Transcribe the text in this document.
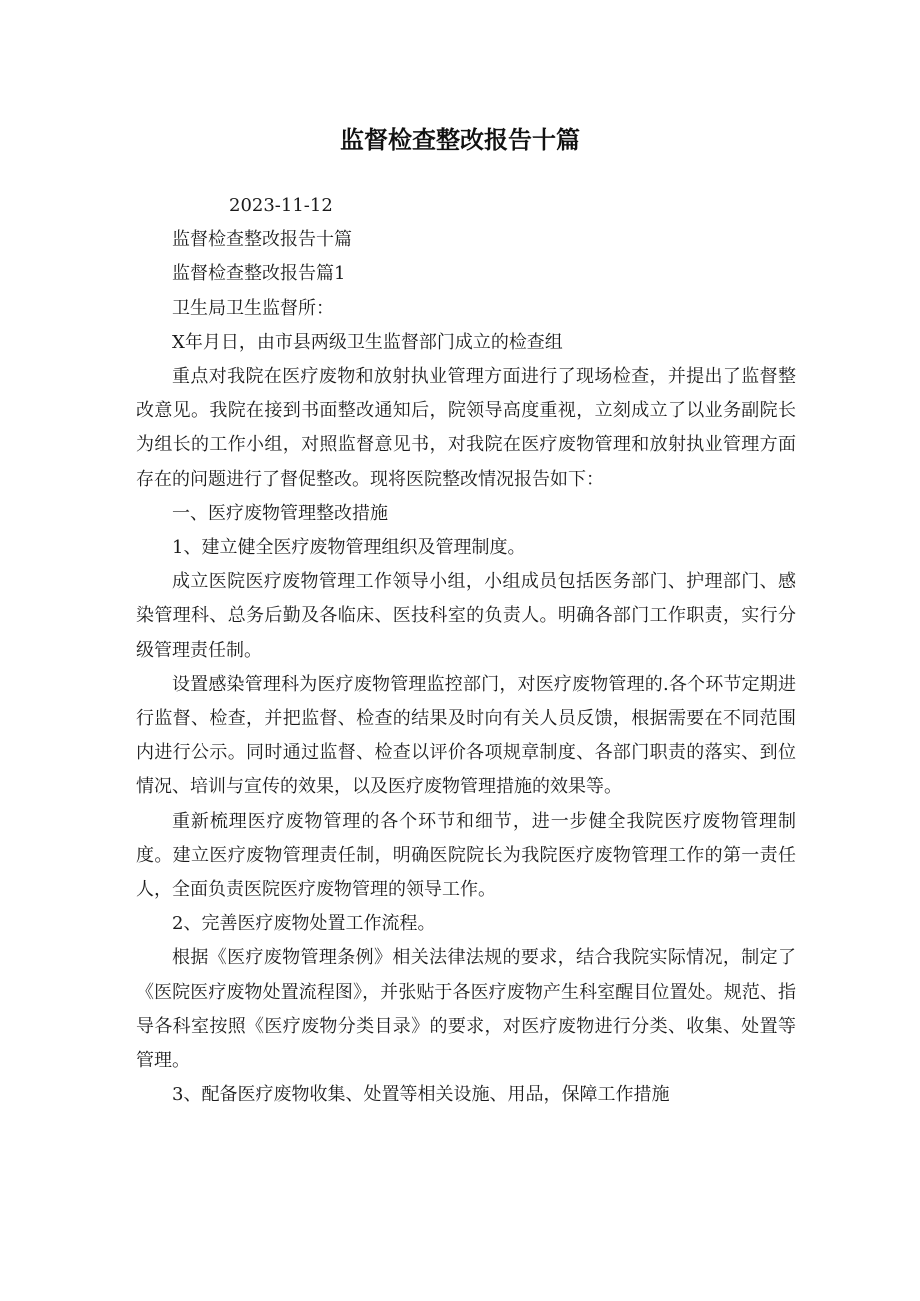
监督检查整改报告十篇

2023-11-12

监督检查整改报告十篇

监督检查整改报告篇1

卫生局卫生监督所：

X年月日，由市县两级卫生监督部门成立的检查组

重点对我院在医疗废物和放射执业管理方面进行了现场检查，并提出了监督整改意见。我院在接到书面整改通知后，院领导高度重视，立刻成立了以业务副院长为组长的工作小组，对照监督意见书，对我院在医疗废物管理和放射执业管理方面存在的问题进行了督促整改。现将医院整改情况报告如下：

一、医疗废物管理整改措施

1、建立健全医疗废物管理组织及管理制度。

成立医院医疗废物管理工作领导小组，小组成员包括医务部门、护理部门、感染管理科、总务后勤及各临床、医技科室的负责人。明确各部门工作职责，实行分级管理责任制。

设置感染管理科为医疗废物管理监控部门，对医疗废物管理的.各个环节定期进行监督、检查，并把监督、检查的结果及时向有关人员反馈，根据需要在不同范围内进行公示。同时通过监督、检查以评价各项规章制度、各部门职责的落实、到位情况、培训与宣传的效果，以及医疗废物管理措施的效果等。

重新梳理医疗废物管理的各个环节和细节，进一步健全我院医疗废物管理制度。建立医疗废物管理责任制，明确医院院长为我院医疗废物管理工作的第一责任人，全面负责医院医疗废物管理的领导工作。

2、完善医疗废物处置工作流程。

根据《医疗废物管理条例》相关法律法规的要求，结合我院实际情况，制定了《医院医疗废物处置流程图》，并张贴于各医疗废物产生科室醒目位置处。规范、指导各科室按照《医疗废物分类目录》的要求，对医疗废物进行分类、收集、处置等管理。

3、配备医疗废物收集、处置等相关设施、用品，保障工作措施
